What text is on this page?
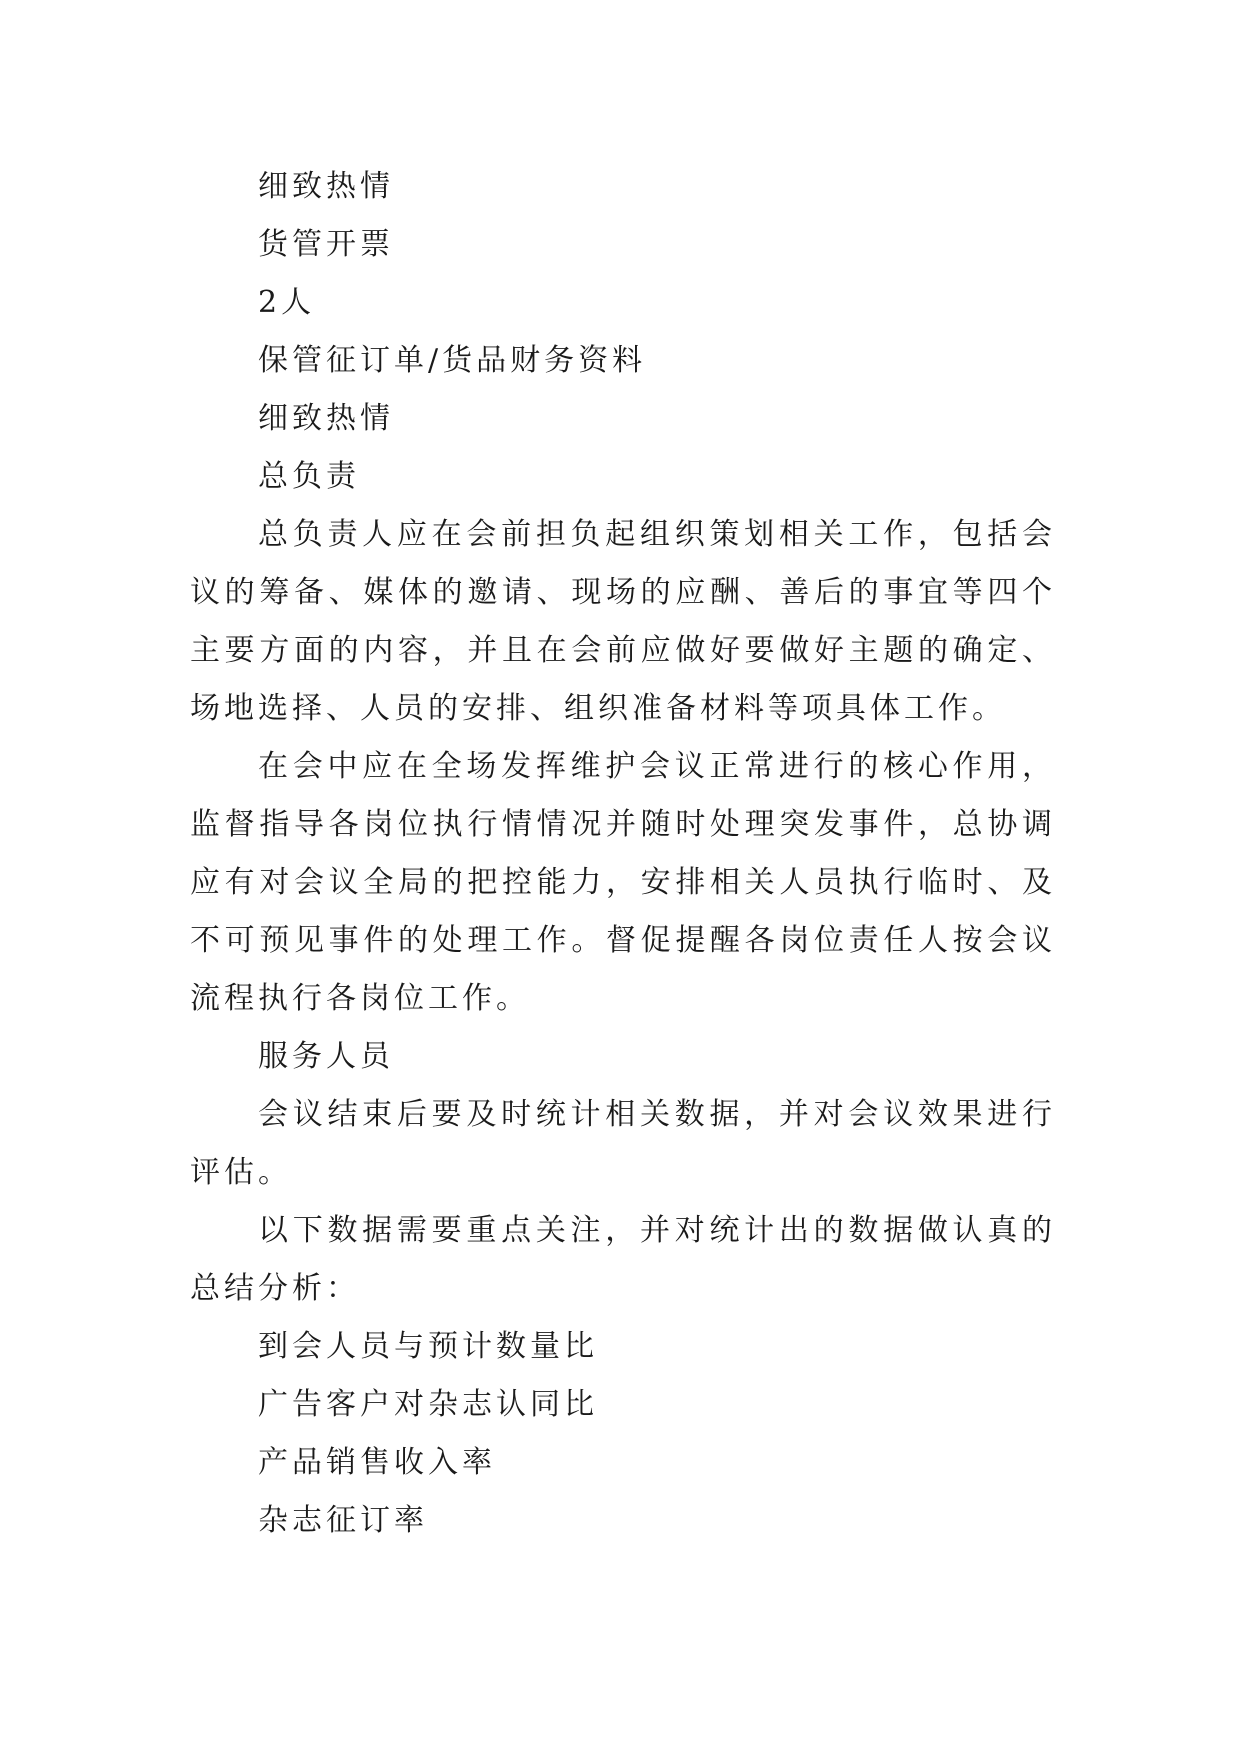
细致热情

货管开票

2人

保管征订单/货品财务资料

细致热情

总负责

总负责人应在会前担负起组织策划相关工作，包括会议的筹备、媒体的邀请、现场的应酬、善后的事宜等四个主要方面的内容，并且在会前应做好要做好主题的确定、场地选择、人员的安排、组织准备材料等项具体工作。

在会中应在全场发挥维护会议正常进行的核心作用，监督指导各岗位执行情情况并随时处理突发事件，总协调应有对会议全局的把控能力，安排相关人员执行临时、及不可预见事件的处理工作。督促提醒各岗位责任人按会议流程执行各岗位工作。

服务人员

会议结束后要及时统计相关数据，并对会议效果进行评估。

以下数据需要重点关注，并对统计出的数据做认真的总结分析：

到会人员与预计数量比

广告客户对杂志认同比

产品销售收入率

杂志征订率
